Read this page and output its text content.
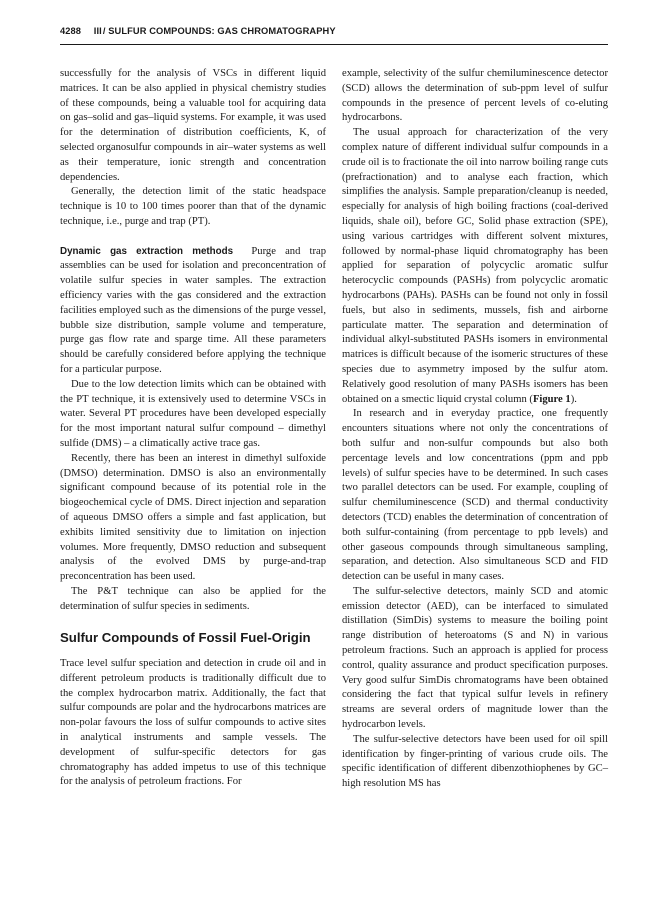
4288 III/ SULFUR COMPOUNDS: GAS CHROMATOGRAPHY

successfully for the analysis of VSCs in different liquid matrices. It can be also applied in physical chemistry studies of these compounds, being a valuable tool for acquiring data on gas–solid and gas–liquid systems. For example, it was used for the determination of distribution coefficients, K, of selected organosulfur compounds in air–water systems as well as their temperature, ionic strength and concentration dependencies.

Generally, the detection limit of the static headspace technique is 10 to 100 times poorer than that of the dynamic technique, i.e., purge and trap (PT).

Dynamic gas extraction methods Purge and trap assemblies can be used for isolation and preconcentration of volatile sulfur species in water samples. The extraction efficiency varies with the gas considered and the extraction facilities employed such as the dimensions of the purge vessel, bubble size distribution, sample volume and temperature, purge gas flow rate and sparge time. All these parameters should be carefully considered before applying the technique for a particular purpose.

Due to the low detection limits which can be obtained with the PT technique, it is extensively used to determine VSCs in water. Several PT procedures have been developed especially for the most important natural sulfur compound – dimethyl sulfide (DMS) – a climatically active trace gas.

Recently, there has been an interest in dimethyl sulfoxide (DMSO) determination. DMSO is also an environmentally significant compound because of its potential role in the biogeochemical cycle of DMS. Direct injection and separation of aqueous DMSO offers a simple and fast application, but exhibits limited sensitivity due to limitation on injection volumes. More frequently, DMSO reduction and subsequent analysis of the evolved DMS by purge-and-trap preconcentration has been used.

The P&T technique can also be applied for the determination of sulfur species in sediments.

Sulfur Compounds of Fossil Fuel-Origin

Trace level sulfur speciation and detection in crude oil and in different petroleum products is traditionally difficult due to the complex hydrocarbon matrix. Additionally, the fact that sulfur compounds are polar and the hydrocarbons matrices are non-polar favours the loss of sulfur compounds to active sites in analytical instruments and sample vessels. The development of sulfur-specific detectors for gas chromatography has added impetus to use of this technique for the analysis of petroleum fractions. For

example, selectivity of the sulfur chemiluminescence detector (SCD) allows the determination of sub-ppm level of sulfur compounds in the presence of percent levels of co-eluting hydrocarbons.

The usual approach for characterization of the very complex nature of different individual sulfur compounds in a crude oil is to fractionate the oil into narrow boiling range cuts (prefractionation) and to analyse each fraction, which simplifies the analysis. Sample preparation/cleanup is needed, especially for analysis of high boiling fractions (coal-derived liquids, shale oil), before GC, Solid phase extraction (SPE), using various cartridges with different solvent mixtures, followed by normal-phase liquid chromatography has been applied for separation of polycyclic aromatic sulfur heterocyclic compounds (PASHs) from polycyclic aromatic hydrocarbons (PAHs). PASHs can be found not only in fossil fuels, but also in sediments, mussels, fish and airborne particulate matter. The separation and determination of individual alkyl-substituted PASHs isomers in environmental matrices is difficult because of the isomeric structures of these species due to asymmetry imposed by the sulfur atom. Relatively good resolution of many PASHs isomers has been obtained on a smectic liquid crystal column (Figure 1).

In research and in everyday practice, one frequently encounters situations where not only the concentrations of both sulfur and non-sulfur compounds but also both percentage levels and low concentrations (ppm and ppb levels) of sulfur species have to be determined. In such cases two parallel detectors can be used. For example, coupling of sulfur chemiluminescence (SCD) and thermal conductivity detectors (TCD) enables the determination of concentration of both sulfur-containing (from percentage to ppb levels) and other gaseous compounds through simultaneous sampling, separation, and detection. Also simultaneous SCD and FID detection can be useful in many cases.

The sulfur-selective detectors, mainly SCD and atomic emission detector (AED), can be interfaced to simulated distillation (SimDis) systems to measure the boiling point range distribution of heteroatoms (S and N) in various petroleum fractions. Such an approach is applied for process control, quality assurance and product specification purposes. Very good sulfur SimDis chromatograms have been obtained considering the fact that typical sulfur levels in refinery streams are several orders of magnitude lower than the hydrocarbon levels.

The sulfur-selective detectors have been used for oil spill identification by finger-printing of various crude oils. The specific identification of different dibenzothiophenes by GC–high resolution MS has
